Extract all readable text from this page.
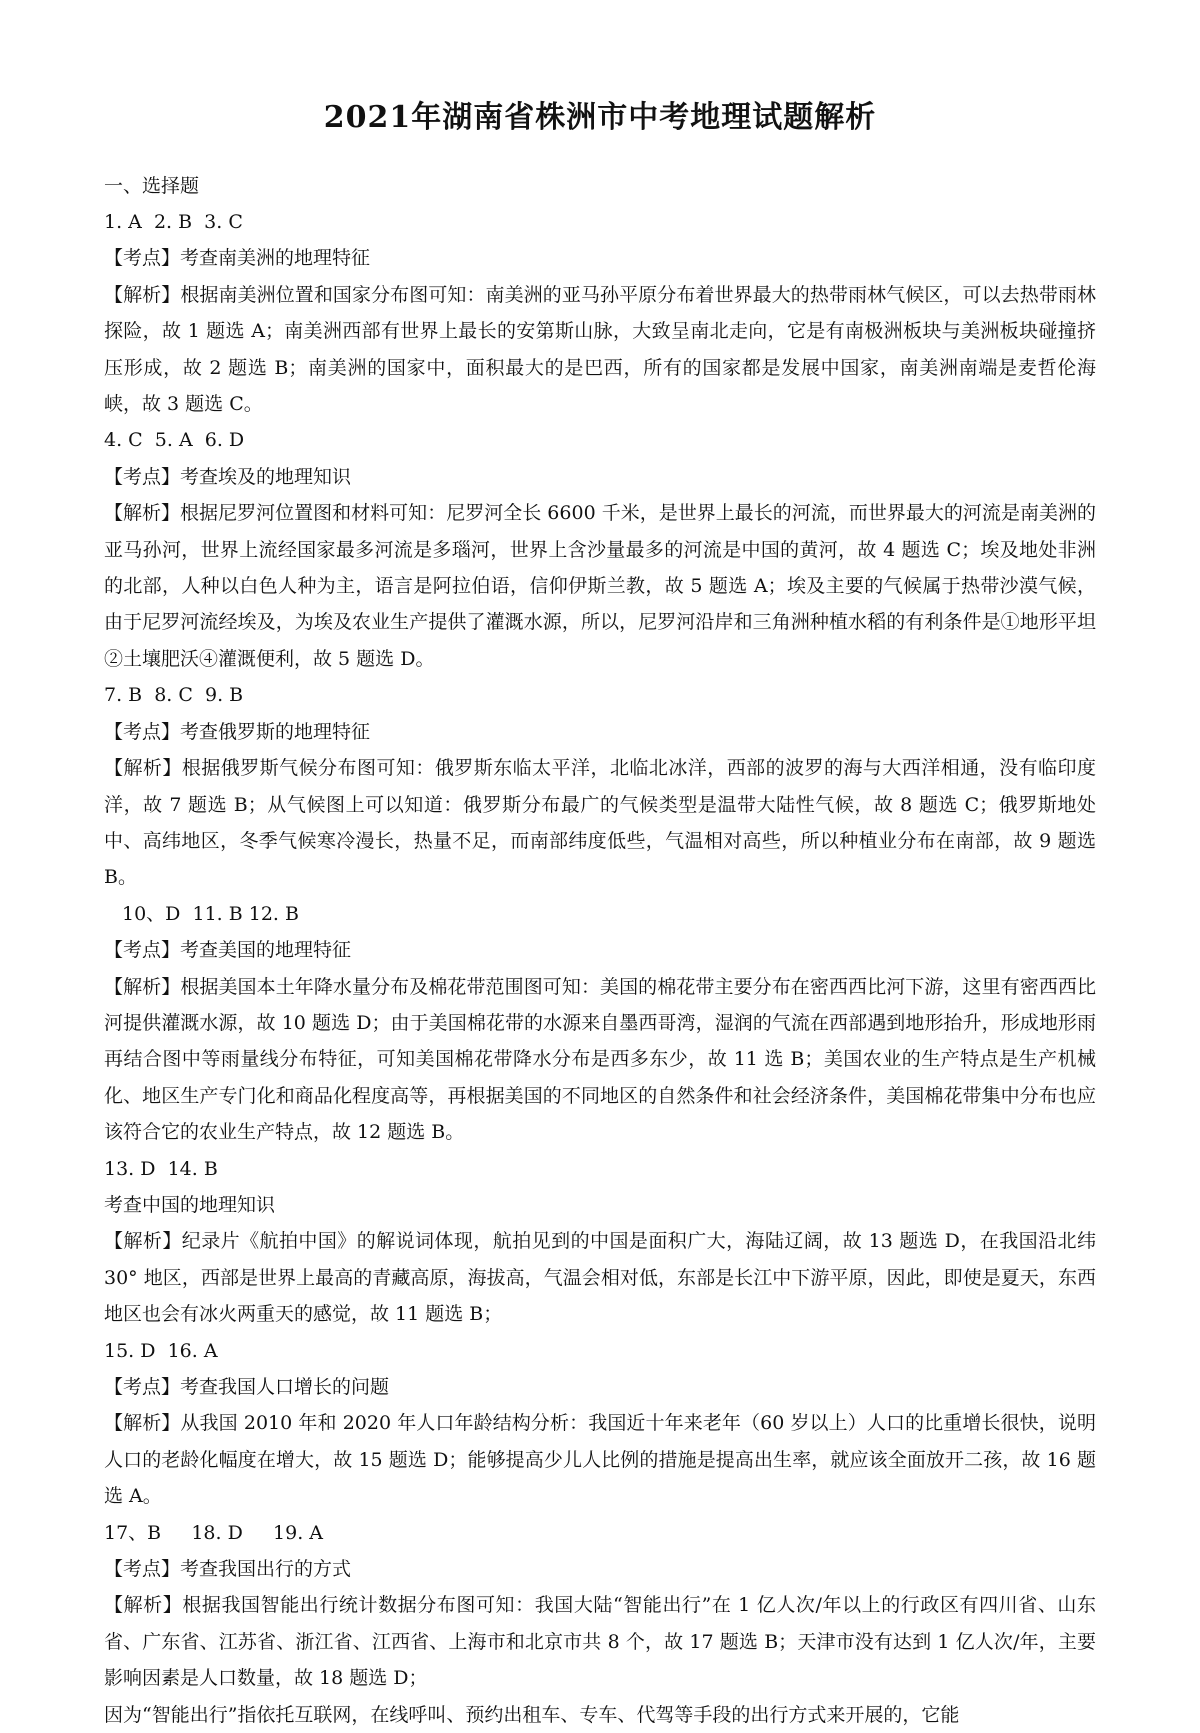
2021年湖南省株洲市中考地理试题解析
一、选择题
1. A  2. B  3. C

【考点】考查南美洲的地理特征

【解析】根据南美洲位置和国家分布图可知：南美洲的亚马孙平原分布着世界最大的热带雨林气候区，可以去热带雨林探险，故 1 题选 A；南美洲西部有世界上最长的安第斯山脉，大致呈南北走向，它是有南极洲板块与美洲板块碰撞挤压形成，故 2 题选 B；南美洲的国家中，面积最大的是巴西，所有的国家都是发展中国家，南美洲南端是麦哲伦海峡，故 3 题选 C。

4. C  5. A  6. D

【考点】考查埃及的地理知识

【解析】根据尼罗河位置图和材料可知：尼罗河全长 6600 千米，是世界上最长的河流，而世界最大的河流是南美洲的亚马孙河，世界上流经国家最多河流是多瑙河，世界上含沙量最多的河流是中国的黄河，故 4 题选 C；埃及地处非洲的北部，人种以白色人种为主，语言是阿拉伯语，信仰伊斯兰教，故 5 题选 A；埃及主要的气候属于热带沙漠气候，由于尼罗河流经埃及，为埃及农业生产提供了灌溉水源，所以，尼罗河沿岸和三角洲种植水稻的有利条件是①地形平坦②土壤肥沃④灌溉便利，故 5 题选 D。

7. B  8. C  9. B

【考点】考查俄罗斯的地理特征

【解析】根据俄罗斯气候分布图可知：俄罗斯东临太平洋，北临北冰洋，西部的波罗的海与大西洋相通，没有临印度洋，故 7 题选 B；从气候图上可以知道：俄罗斯分布最广的气候类型是温带大陆性气候，故 8 题选 C；俄罗斯地处中、高纬地区，冬季气候寒冷漫长，热量不足，而南部纬度低些，气温相对高些，所以种植业分布在南部，故 9 题选 B。

10、D  11. B 12. B

【考点】考查美国的地理特征

【解析】根据美国本土年降水量分布及棉花带范围图可知：美国的棉花带主要分布在密西西比河下游，这里有密西西比河提供灌溉水源，故 10 题选 D；由于美国棉花带的水源来自墨西哥湾，湿润的气流在西部遇到地形抬升，形成地形雨再结合图中等雨量线分布特征，可知美国棉花带降水分布是西多东少，故 11 选 B；美国农业的生产特点是生产机械化、地区生产专门化和商品化程度高等，再根据美国的不同地区的自然条件和社会经济条件，美国棉花带集中分布也应该符合它的农业生产特点，故 12 题选 B。

13. D  14. B

考查中国的地理知识

【解析】纪录片《航拍中国》的解说词体现，航拍见到的中国是面积广大，海陆辽阔，故 13 题选 D，在我国沿北纬 30° 地区，西部是世界上最高的青藏高原，海拔高，气温会相对低，东部是长江中下游平原，因此，即使是夏天，东西地区也会有冰火两重天的感觉，故 11 题选 B；

15. D  16. A

【考点】考查我国人口增长的问题

【解析】从我国 2010 年和 2020 年人口年龄结构分析：我国近十年来老年（60 岁以上）人口的比重增长很快，说明人口的老龄化幅度在增大，故 15 题选 D；能够提高少儿人比例的措施是提高出生率，就应该全面放开二孩，故 16 题选 A。

17、B     18. D     19. A

【考点】考查我国出行的方式

【解析】根据我国智能出行统计数据分布图可知：我国大陆“智能出行”在 1 亿人次/年以上的行政区有四川省、山东省、广东省、江苏省、浙江省、江西省、上海市和北京市共 8 个，故 17 题选 B；天津市没有达到 1 亿人次/年，主要影响因素是人口数量，故 18 题选 D；

因为“智能出行”指依托互联网，在线呼叫、预约出租车、专车、代驾等手段的出行方式来开展的，它能
